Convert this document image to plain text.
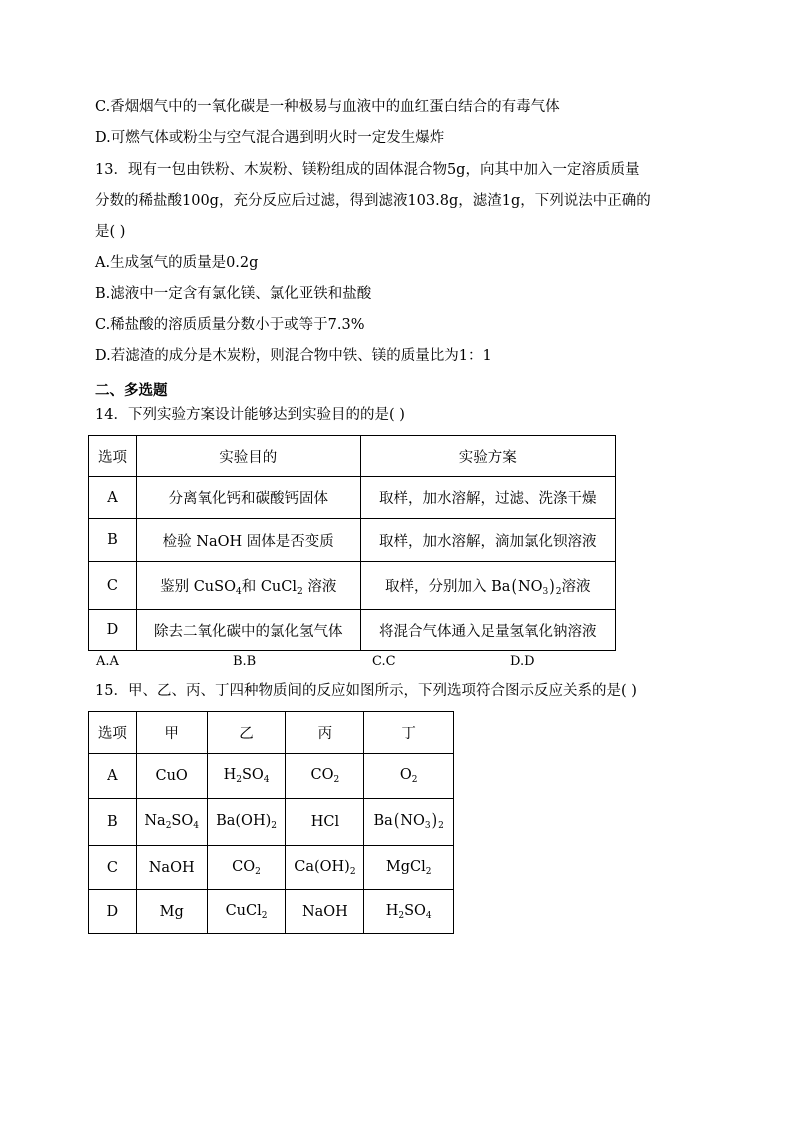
C.香烟烟气中的一氧化碳是一种极易与血液中的血红蛋白结合的有毒气体
D.可燃气体或粉尘与空气混合遇到明火时一定发生爆炸
13．现有一包由铁粉、木炭粉、镁粉组成的固体混合物5g，向其中加入一定溶质质量
分数的稀盐酸100g，充分反应后过滤，得到滤液103.8g，滤渣1g，下列说法中正确的
是( )
A.生成氢气的质量是0.2g
B.滤液中一定含有氯化镁、氯化亚铁和盐酸
C.稀盐酸的溶质质量分数小于或等于7.3%
D.若滤渣的成分是木炭粉，则混合物中铁、镁的质量比为1：1
二、多选题
14．下列实验方案设计能够达到实验目的的是( )
选项	实验目的	实验方案
A	分离氧化钙和碳酸钙固体	取样，加水溶解，过滤、洗涤干燥
B	检验 NaOH 固体是否变质	取样，加水溶解，滴加氯化钡溶液
C	鉴别 CuSO$_4$和 CuCl$_2$ 溶液	取样，分别加入 $Ba(NO_3)_2$溶液
D	除去二氧化碳中的氯化氢气体	将混合气体通入足量氢氧化钠溶液
A.A	B.B	C.C	D.D
15．甲、乙、丙、丁四种物质间的反应如图所示，下列选项符合图示反应关系的是( )
选项	甲	乙	丙	丁
A	CuO	$H_2SO_4$	$CO_2$	$O_2$
B	$Na_2SO_4$	$Ba(OH)_2$	HCl	$Ba(NO_3)_2$
C	NaOH	$CO_2$	$Ca(OH)_2$	MgCl$_2$
D	Mg	CuCl$_2$	NaOH	$H_2SO_4$
